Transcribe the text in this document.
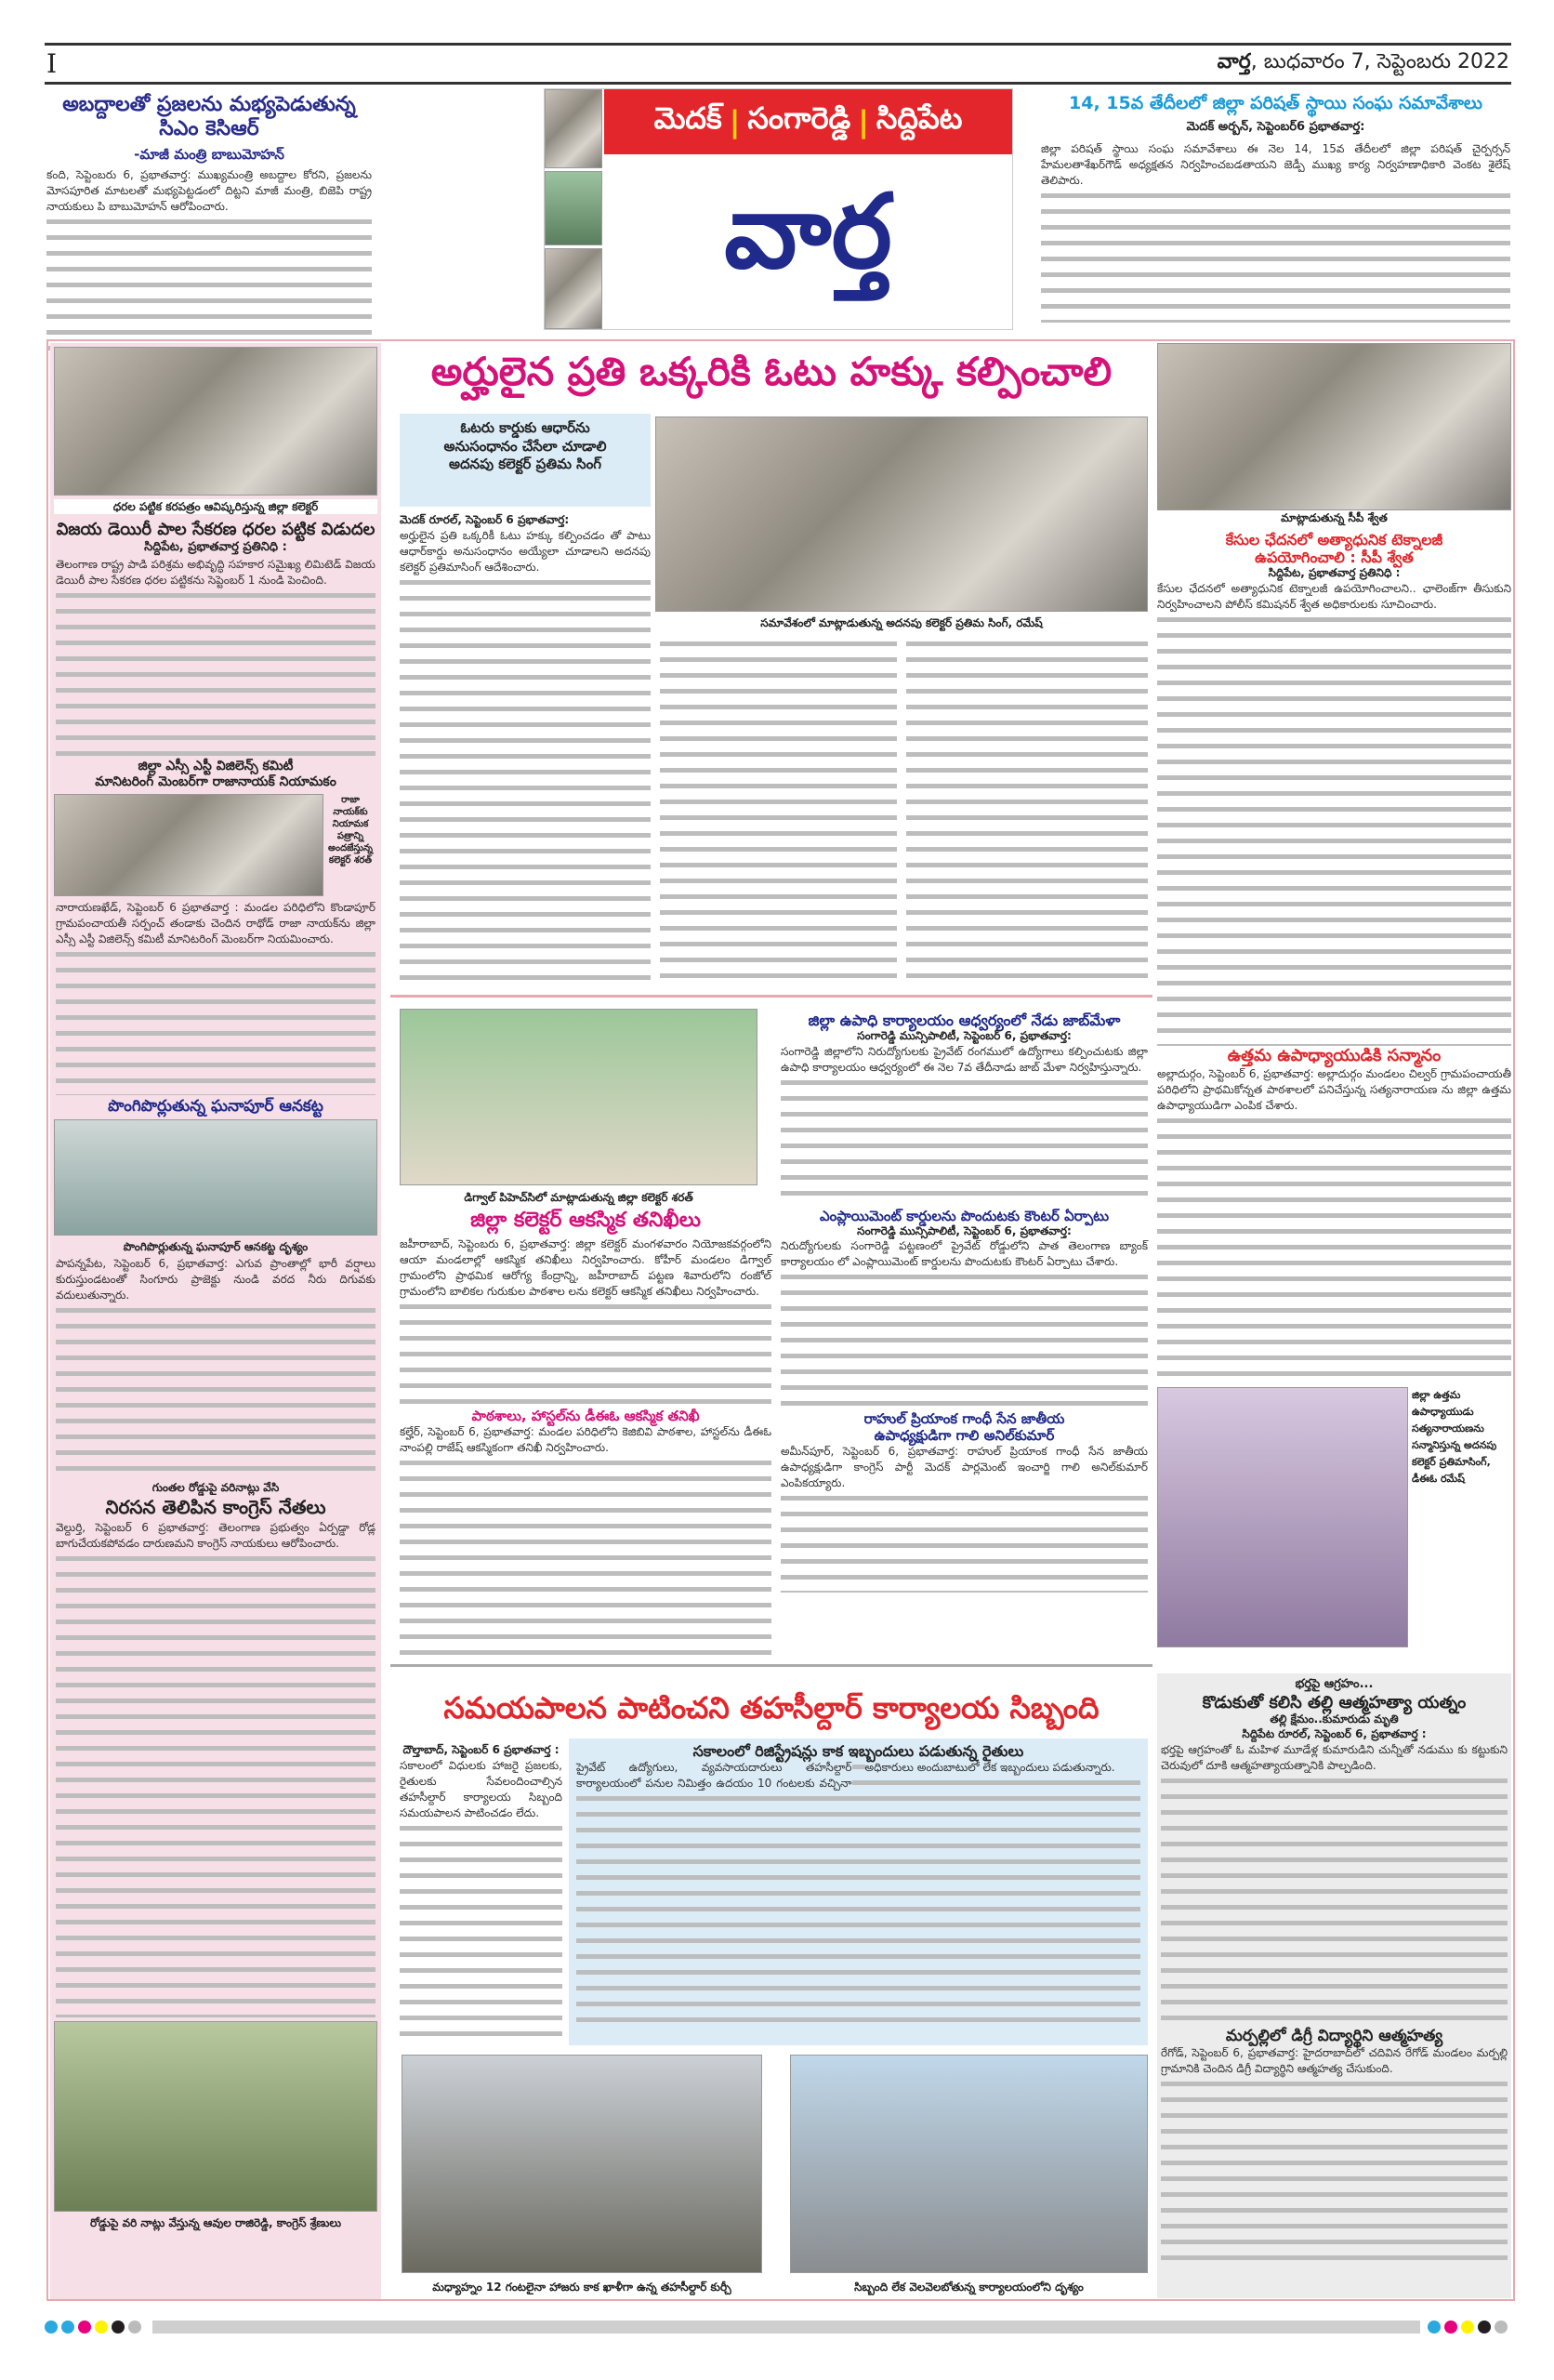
I	వార్త, బుధవారం 7, సెప్టెంబరు 2022
అబద్దాలతో ప్రజలను మభ్యపెడుతున్న సిఎం కెసిఆర్
-మాజీ మంత్రి బాబుమోహన్
కంది, సెప్టెంబరు 6, ప్రభాతవార్త: ముఖ్యమంత్రి అబద్దాల కోరని, ప్రజలను మోసపూరిత మాటలతో మభ్యపెట్టడంలో దిట్టని మాజీ మంత్రి, బిజెపి రాష్ట్ర నాయకులు పి బాబుమోహన్ ఆరోపించారు.
మెదక్ | సంగారెడ్డి | సిద్దిపేట
వార్త
14, 15వ తేదీలలో జిల్లా పరిషత్ స్థాయి సంఘ సమావేశాలు
మెదక్ అర్బన్, సెప్టెంబర్6 ప్రభాతవార్త:
జిల్లా పరిషత్ స్థాయి సంఘ సమావేశాలు ఈ నెల 14, 15వ తేదీలలో జిల్లా పరిషత్ చైర్పర్సన్ హేమలతాశేఖర్‌గౌడ్ అధ్యక్షతన నిర్వహించబడతాయని జెడ్పీ ముఖ్య కార్య నిర్వహణాధికారి వెంకట శైలేష్ తెలిపారు.
ధరల పట్టిక కరపత్రం ఆవిష్కరిస్తున్న జిల్లా కలెక్టర్
విజయ డెయిరీ పాల సేకరణ ధరల పట్టిక విడుదల
సిద్దిపేట, ప్రభాతవార్త ప్రతినిధి :
తెలంగాణ రాష్ట్ర పాడి పరిశ్రమ అభివృద్ధి సహకార సమైఖ్య లిమిటెడ్ విజయ డెయిరీ పాల సేకరణ ధరల పట్టికను సెప్టెంబర్ 1 నుండి పెంచింది.
జిల్లా ఎస్సీ ఎస్టీ విజిలెన్స్ కమిటీ
మానిటరింగ్ మెంబర్‌గా రాజానాయక్ నియామకం
రాజా నాయక్‌కు నియామక పత్రాన్ని అందజేస్తున్న కలెక్టర్ శరత్
నారాయణఖేడ్, సెప్టెంబర్ 6 ప్రభాతవార్త : మండల పరిధిలోని కొండాపూర్ గ్రామపంచాయతీ సర్పంచ్ తండాకు చెందిన రాథోడ్ రాజా నాయక్‌ను జిల్లా ఎస్సీ ఎస్టీ విజిలెన్స్ కమిటీ మానిటరింగ్ మెంబర్‌గా నియమించారు.
పొంగిపొర్లుతున్న ఘనాపూర్ ఆనకట్ట
పొంగిపొర్లుతున్న ఘనాపూర్ ఆనకట్ట దృశ్యం
పాపన్నపేట, సెప్టెంబర్ 6, ప్రభాతవార్త: ఎగువ ప్రాంతాల్లో భారీ వర్షాలు కురుస్తుండటంతో సింగూరు ప్రాజెక్టు నుండి వరద నీరు దిగువకు వదులుతున్నారు.
గుంతల రోడ్డుపై వరినాట్లు వేసి
నిరసన తెలిపిన కాంగ్రెస్ నేతలు
వెల్దుర్తి, సెప్టెంబర్ 6 ప్రభాతవార్త: తెలంగాణ ప్రభుత్వం ఏర్పడ్డా రోడ్ల బాగుచేయకపోవడం దారుణమని కాంగ్రెస్ నాయకులు ఆరోపించారు.
రోడ్డుపై వరి నాట్లు వేస్తున్న ఆవుల రాజిరెడ్డి, కాంగ్రెస్ శ్రేణులు
అర్హులైన ప్రతి ఒక్కరికి ఓటు హక్కు కల్పించాలి
ఓటరు కార్డుకు ఆధార్‌ను
అనుసంధానం చేసేలా చూడాలి
అదనపు కలెక్టర్ ప్రతిమ సింగ్
సమావేశంలో మాట్లాడుతున్న అదనపు కలెక్టర్ ప్రతిమ సింగ్, రమేష్
మెదక్ రూరల్, సెప్టెంబర్ 6 ప్రభాతవార్త:
అర్హులైన ప్రతి ఒక్కరికీ ఓటు హక్కు కల్పించడం తో పాటు ఆధార్‌కార్డు అనుసంధానం అయ్యేలా చూడాలని అదనపు కలెక్టర్ ప్రతిమాసింగ్ ఆదేశించారు.
డిగ్వాల్ పిహెచ్‌సిలో మాట్లాడుతున్న జిల్లా కలెక్టర్ శరత్
జిల్లా కలెక్టర్ ఆకస్మిక తనిఖీలు
జహీరాబాద్, సెప్టెంబరు 6, ప్రభాతవార్త: జిల్లా కలెక్టర్ మంగళవారం నియోజకవర్గంలోని ఆయా మండలాల్లో ఆకస్మిక తనిఖీలు నిర్వహించారు. కోహీర్ మండలం డిగ్వాల్ గ్రామంలోని ప్రాథమిక ఆరోగ్య కేంద్రాన్ని, జహీరాబాద్ పట్టణ శివారులోని రంజోల్ గ్రామంలోని బాలికల గురుకుల పాఠశాల లను కలెక్టర్ ఆకస్మిక తనిఖీలు నిర్వహించారు.
పాఠశాలు, హాస్టల్‌ను డీఈఓ ఆకస్మిక తనిఖీ
కల్హేర్, సెప్టెంబర్ 6, ప్రభాతవార్త: మండల పరిధిలోని కెజిబివి పాఠశాల, హాస్టల్‌ను డీఈఓ నాంపల్లి రాజేష్ ఆకస్మికంగా తనిఖీ నిర్వహించారు.
జిల్లా ఉపాధి కార్యాలయం ఆధ్వర్యంలో నేడు జాబ్‌మేళా
సంగారెడ్డి మున్సిపాలిటీ, సెప్టెంబర్ 6, ప్రభాతవార్త:
సంగారెడ్డి జిల్లాలోని నిరుద్యోగులకు ప్రైవేట్ రంగములో ఉద్యోగాలు కల్పించుటకు జిల్లా ఉపాధి కార్యాలయం ఆధ్వర్యంలో ఈ నెల 7వ తేదీనాడు జాబ్ మేళా నిర్వహిస్తున్నారు.
ఎంప్లాయిమెంట్ కార్డులను పొందుటకు కౌంటర్ ఏర్పాటు
సంగారెడ్డి మున్సిపాలిటీ, సెప్టెంబర్ 6, ప్రభాతవార్త:
నిరుద్యోగులకు సంగారెడ్డి పట్టణంలో ప్రైవేట్ రోడ్డులోని పాత తెలంగాణ బ్యాంక్ కార్యాలయం లో ఎంప్లాయిమెంట్ కార్డులను పొందుటకు కౌంటర్ ఏర్పాటు చేశారు.
రాహుల్ ప్రియాంక గాంధీ సేన జాతీయ
ఉపాధ్యక్షుడిగా గాలి అనిల్‌కుమార్
అమీన్‌పూర్, సెప్టెంబర్ 6, ప్రభాతవార్త: రాహుల్ ప్రియాంక గాంధీ సేన జాతీయ ఉపాధ్యక్షుడిగా కాంగ్రెస్ పార్టీ మెదక్ పార్లమెంట్ ఇంచార్జి గాలి అనిల్‌కుమార్ ఎంపికయ్యారు.
మాట్లాడుతున్న సీపీ శ్వేత
కేసుల ఛేదనలో అత్యాధునిక టెక్నాలజీ
ఉపయోగించాలి : సీపీ శ్వేత
సిద్దిపేట, ప్రభాతవార్త ప్రతినిధి :
కేసుల ఛేదనలో అత్యాధునిక టెక్నాలజీ ఉపయోగించాలని.. ఛాలెంజ్‌గా తీసుకుని నిర్వహించాలని పోలీస్ కమిషనర్ శ్వేత అధికారులకు సూచించారు.
ఉత్తమ ఉపాధ్యాయుడికి సన్మానం
అల్లాదుర్గం, సెప్టెంబర్ 6, ప్రభాతవార్త: అల్లాదుర్గం మండలం చిల్వర్ గ్రామపంచాయతీ పరిధిలోని ప్రాథమికోన్నత పాఠశాలలో పనిచేస్తున్న సత్యనారాయణ ను జిల్లా ఉత్తమ ఉపాధ్యాయుడిగా ఎంపిక చేశారు.
జిల్లా ఉత్తమ ఉపాధ్యాయుడు సత్యనారాయణను సన్మానిస్తున్న అదనపు కలెక్టర్ ప్రతిమాసింగ్, డీఈఓ రమేష్
భర్తపై ఆగ్రహం...
కొడుకుతో కలిసి తల్లి ఆత్మహత్యా యత్నం
తల్లి క్షేమం..కుమారుడు మృతి
సిద్దిపేట రూరల్, సెప్టెంబర్ 6, ప్రభాతవార్త :
భర్తపై ఆగ్రహంతో ఓ మహిళ మూడేళ్ల కుమారుడిని చున్నీతో నడుము కు కట్టుకుని చెరువులో దూకి ఆత్మహత్యాయత్నానికి పాల్పడింది.
మర్పల్లిలో డిగ్రీ విద్యార్థిని ఆత్మహత్య
రేగోడ్, సెప్టెంబర్ 6, ప్రభాతవార్త: హైదరాబాద్‌లో చదివిన రేగోడ్ మండలం మర్పల్లి గ్రామానికి చెందిన డిగ్రీ విద్యార్థిని ఆత్మహత్య చేసుకుంది.
సమయపాలన పాటించని తహసీల్దార్ కార్యాలయ సిబ్బంది
దౌల్తాబాద్, సెప్టెంబర్ 6 ప్రభాతవార్త :
సకాలంలో విధులకు హాజరై ప్రజలకు, రైతులకు సేవలందించాల్సిన తహసీల్దార్ కార్యాలయ సిబ్బంది సమయపాలన పాటించడం లేదు.
సకాలంలో రిజిస్ట్రేషన్లు కాక ఇబ్బందులు పడుతున్న రైతులు
ప్రైవేట్ ఉద్యోగులు, వ్యవసాయదారులు తహసీల్దార్ కార్యాలయంలో పనుల నిమిత్తం ఉదయం 10 గంటలకు వచ్చినా అధికారులు అందుబాటులో లేక ఇబ్బందులు పడుతున్నారు.
మధ్యాహ్నం 12 గంటలైనా హాజరు కాక ఖాళీగా ఉన్న తహసీల్దార్ కుర్చీ	సిబ్బంది లేక వెలవెలబోతున్న కార్యాలయంలోని దృశ్యం
